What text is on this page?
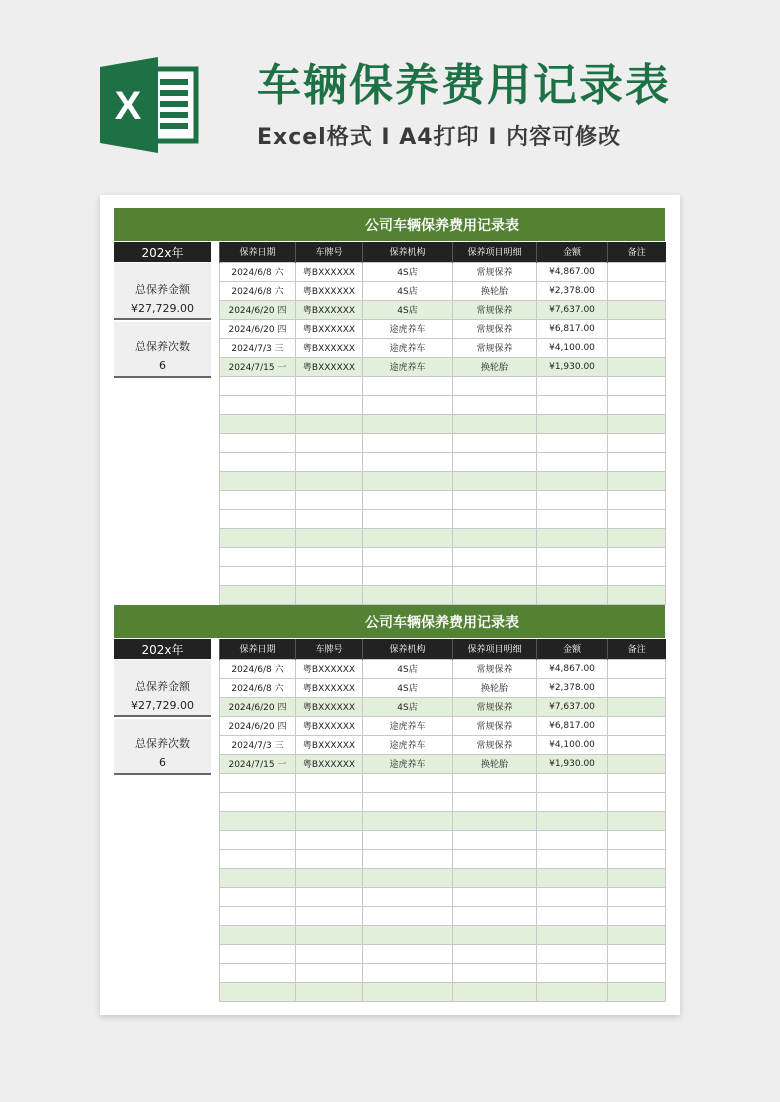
X	车辆保养费用记录表
Excel格式 I A4打印 I 内容可修改
公司车辆保养费用记录表
202x年
总保养金额
¥27,729.00
总保养次数
6
保养日期	车牌号	保养机构	保养项目明细	金额	备注
2024/6/8 六	粤BXXXXXX	4S店	常规保养	¥4,867.00	
2024/6/8 六	粤BXXXXXX	4S店	换轮胎	¥2,378.00	
2024/6/20 四	粤BXXXXXX	4S店	常规保养	¥7,637.00	
2024/6/20 四	粤BXXXXXX	途虎养车	常规保养	¥6,817.00	
2024/7/3 三	粤BXXXXXX	途虎养车	常规保养	¥4,100.00	
2024/7/15 一	粤BXXXXXX	途虎养车	换轮胎	¥1,930.00	

公司车辆保养费用记录表
202x年
总保养金额
¥27,729.00
总保养次数
6
保养日期	车牌号	保养机构	保养项目明细	金额	备注
2024/6/8 六	粤BXXXXXX	4S店	常规保养	¥4,867.00	
2024/6/8 六	粤BXXXXXX	4S店	换轮胎	¥2,378.00	
2024/6/20 四	粤BXXXXXX	4S店	常规保养	¥7,637.00	
2024/6/20 四	粤BXXXXXX	途虎养车	常规保养	¥6,817.00	
2024/7/3 三	粤BXXXXXX	途虎养车	常规保养	¥4,100.00	
2024/7/15 一	粤BXXXXXX	途虎养车	换轮胎	¥1,930.00	
